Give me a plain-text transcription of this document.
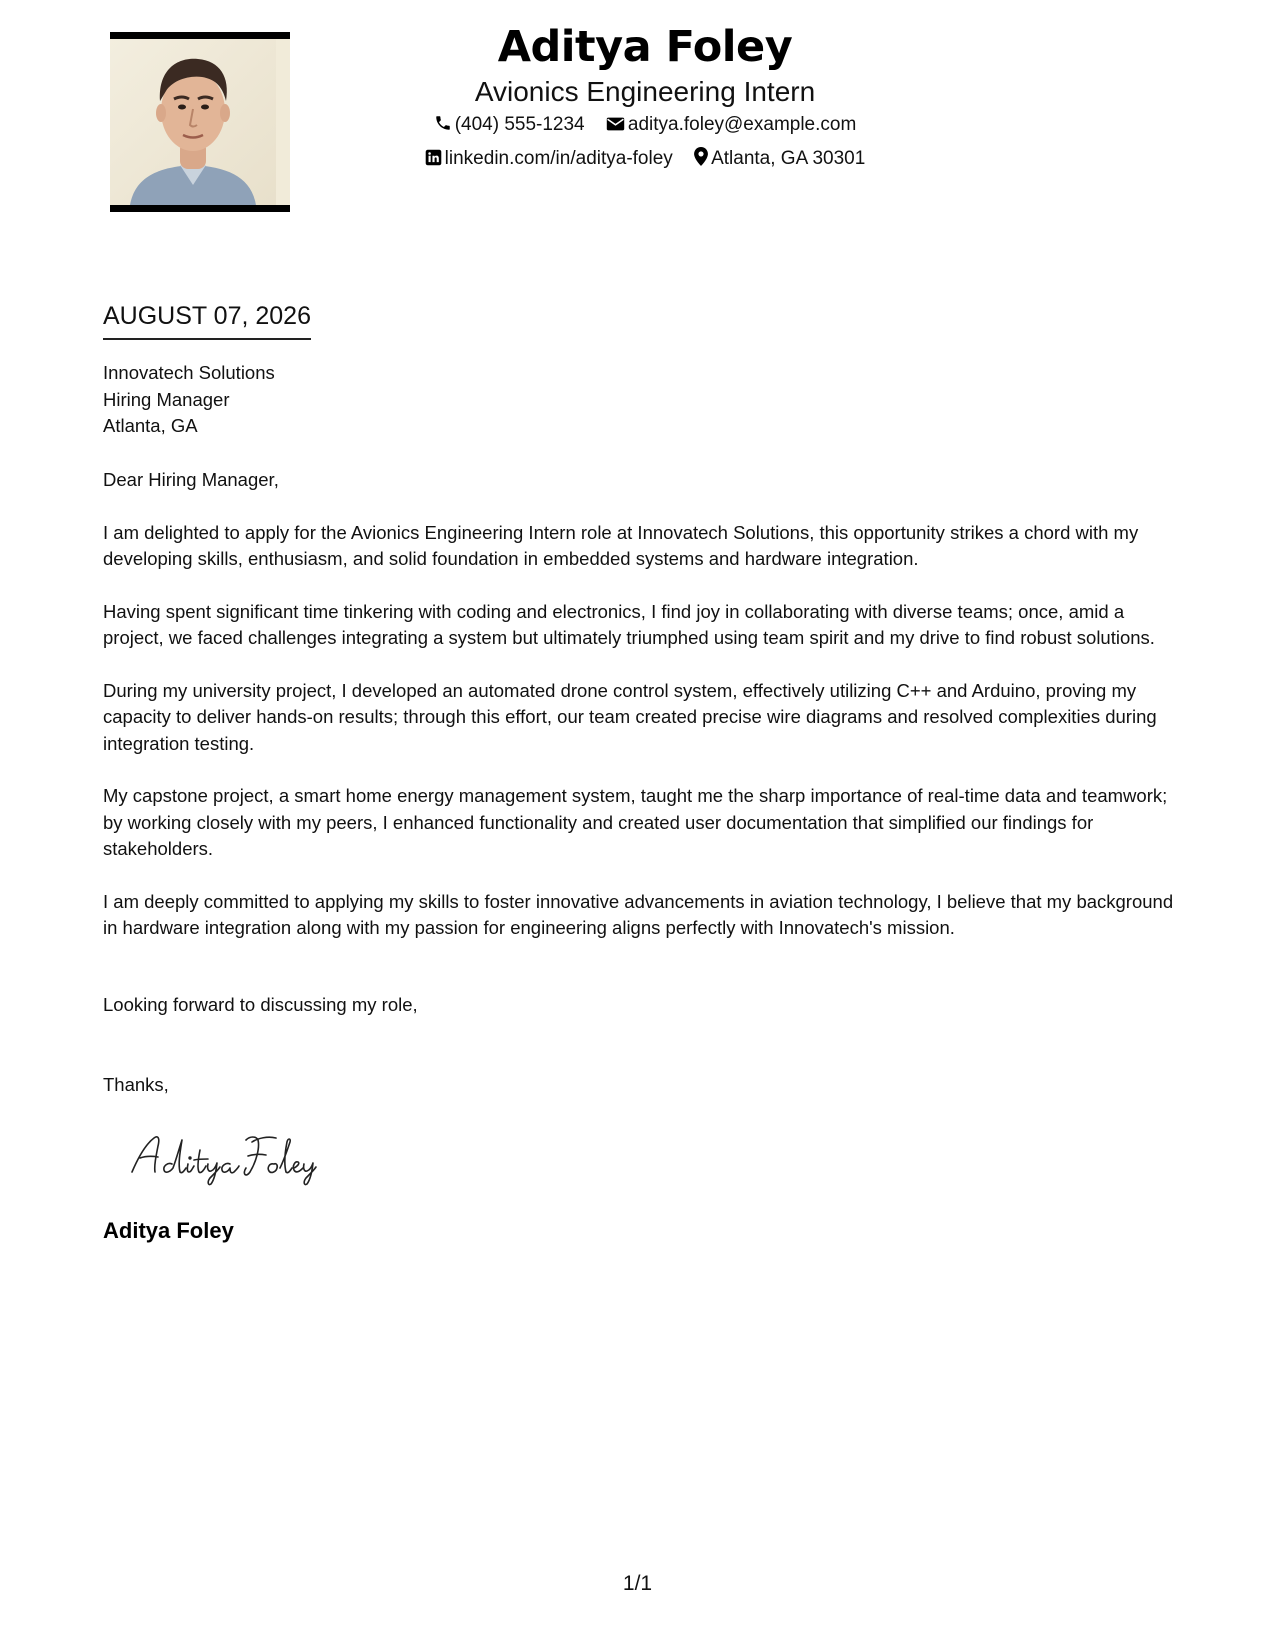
Aditya Foley
Avionics Engineering Intern
(404) 555-1234 aditya.foley@example.com
linkedin.com/in/aditya-foley Atlanta, GA 30301
AUGUST 07, 2026
Innovatech Solutions
Hiring Manager
Atlanta, GA

Dear Hiring Manager,

I am delighted to apply for the Avionics Engineering Intern role at Innovatech Solutions, this opportunity strikes a chord with my developing skills, enthusiasm, and solid foundation in embedded systems and hardware integration.

Having spent significant time tinkering with coding and electronics, I find joy in collaborating with diverse teams; once, amid a project, we faced challenges integrating a system but ultimately triumphed using team spirit and my drive to find robust solutions.

During my university project, I developed an automated drone control system, effectively utilizing C++ and Arduino, proving my capacity to deliver hands-on results; through this effort, our team created precise wire diagrams and resolved complexities during integration testing.

My capstone project, a smart home energy management system, taught me the sharp importance of real-time data and teamwork; by working closely with my peers, I enhanced functionality and created user documentation that simplified our findings for stakeholders.

I am deeply committed to applying my skills to foster innovative advancements in aviation technology, I believe that my background in hardware integration along with my passion for engineering aligns perfectly with Innovatech's mission.

Looking forward to discussing my role,
Thanks,
Aditya Foley
1/1
